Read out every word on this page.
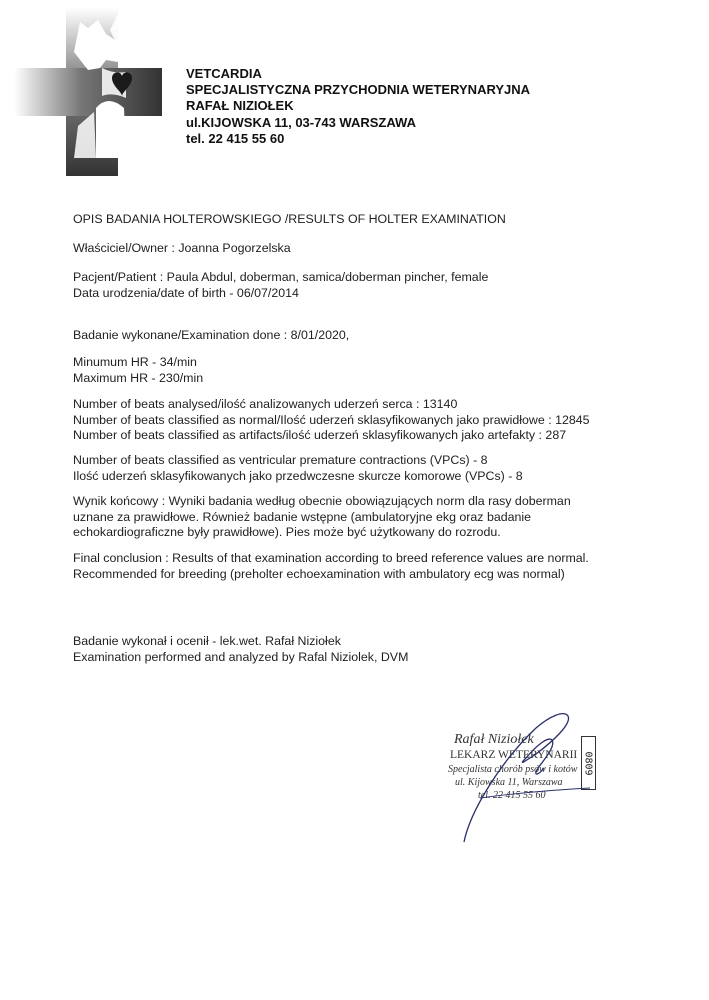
VETCARDIA
SPECJALISTYCZNA PRZYCHODNIA WETERYNARYJNA
RAFAŁ NIZIOŁEK
ul.KIJOWSKA 11, 03-743 WARSZAWA
tel. 22 415 55 60
OPIS BADANIA HOLTEROWSKIEGO /RESULTS OF HOLTER EXAMINATION
Właściciel/Owner : Joanna Pogorzelska
Pacjent/Patient : Paula Abdul, doberman, samica/doberman pincher, female
Data urodzenia/date of birth - 06/07/2014
Badanie wykonane/Examination done : 8/01/2020,
Minumum HR - 34/min
Maximum HR - 230/min
Number of beats analysed/ilość analizowanych uderzeń serca : 13140
Number of beats classified as normal/Ilość uderzeń sklasyfikowanych jako prawidłowe : 12845
Number of beats classified as artifacts/ilość uderzeń sklasyfikowanych jako artefakty : 287
Number of beats classified as ventricular premature contractions (VPCs) - 8
Ilość uderzeń sklasyfikowanych jako przedwczesne skurcze komorowe (VPCs) - 8
Wynik końcowy : Wyniki badania według obecnie obowiązujących norm dla rasy doberman
uznane za prawidłowe. Również badanie wstępne (ambulatoryjne ekg oraz badanie
echokardiograficzne były prawidłowe). Pies może być użytkowany do rozrodu.
Final conclusion : Results of that examination according to breed reference values are normal.
Recommended for breeding (preholter echoexamination with ambulatory ecg was normal)
Badanie wykonał i ocenił - lek.wet. Rafał Niziołek
Examination performed and analyzed by Rafal Niziolek, DVM
Rafał Niziołek
LEKARZ WETERYNARII
Specjalista chorób psów i kotów
ul. Kijowska 11, Warszawa
tel. 22 415 55 60
0809
